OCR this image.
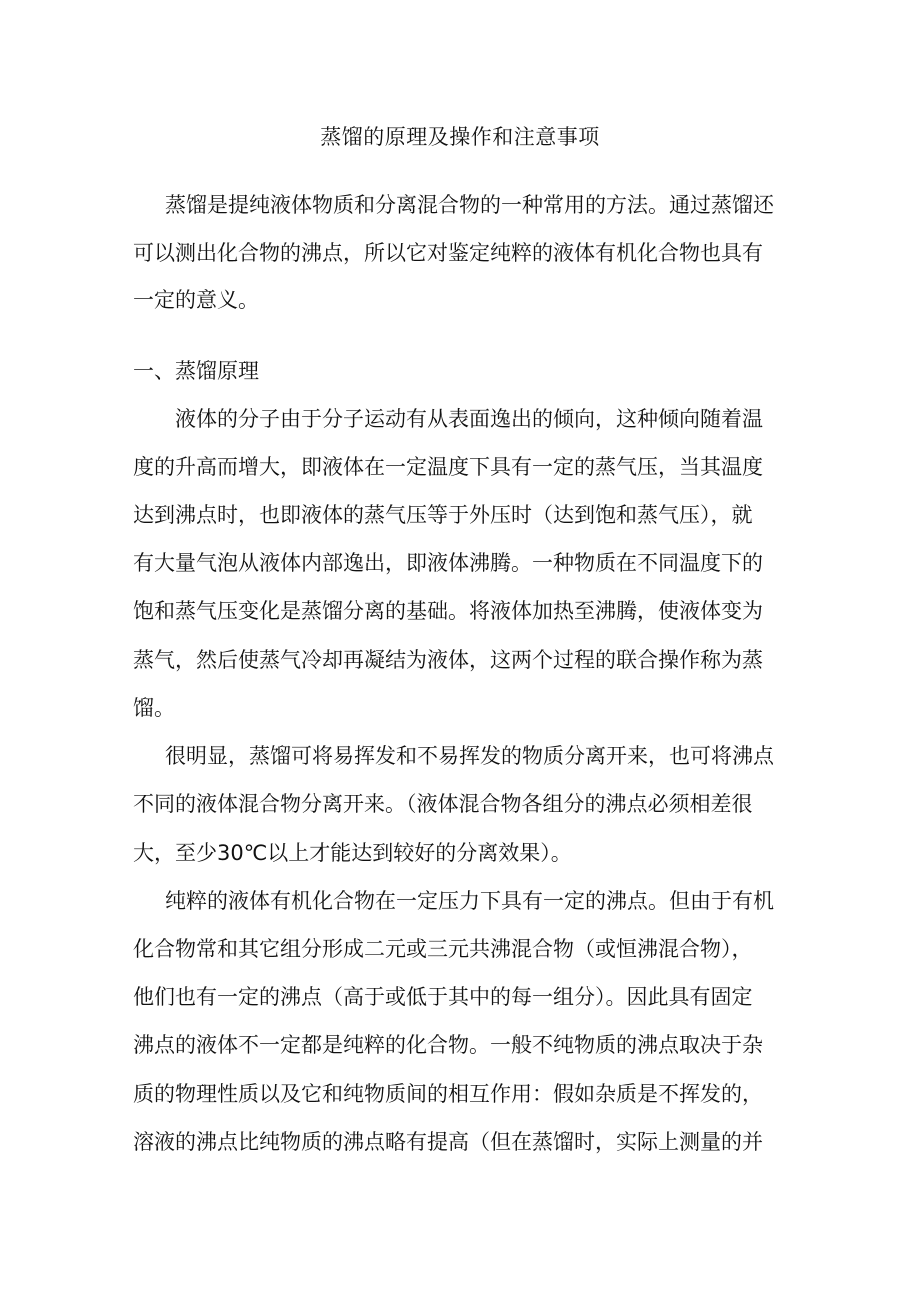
蒸馏的原理及操作和注意事项
蒸馏是提纯液体物质和分离混合物的一种常用的方法。通过蒸馏还
可以测出化合物的沸点，所以它对鉴定纯粹的液体有机化合物也具有
一定的意义。
一、蒸馏原理
液体的分子由于分子运动有从表面逸出的倾向，这种倾向随着温
度的升高而增大，即液体在一定温度下具有一定的蒸气压，当其温度
达到沸点时，也即液体的蒸气压等于外压时（达到饱和蒸气压），就
有大量气泡从液体内部逸出，即液体沸腾。一种物质在不同温度下的
饱和蒸气压变化是蒸馏分离的基础。将液体加热至沸腾，使液体变为
蒸气，然后使蒸气冷却再凝结为液体，这两个过程的联合操作称为蒸
馏。
很明显，蒸馏可将易挥发和不易挥发的物质分离开来，也可将沸点
不同的液体混合物分离开来。（液体混合物各组分的沸点必须相差很
大，至少30℃以上才能达到较好的分离效果）。
纯粹的液体有机化合物在一定压力下具有一定的沸点。但由于有机
化合物常和其它组分形成二元或三元共沸混合物（或恒沸混合物），
他们也有一定的沸点（高于或低于其中的每一组分）。因此具有固定
沸点的液体不一定都是纯粹的化合物。一般不纯物质的沸点取决于杂
质的物理性质以及它和纯物质间的相互作用：假如杂质是不挥发的，
溶液的沸点比纯物质的沸点略有提高（但在蒸馏时，实际上测量的并
